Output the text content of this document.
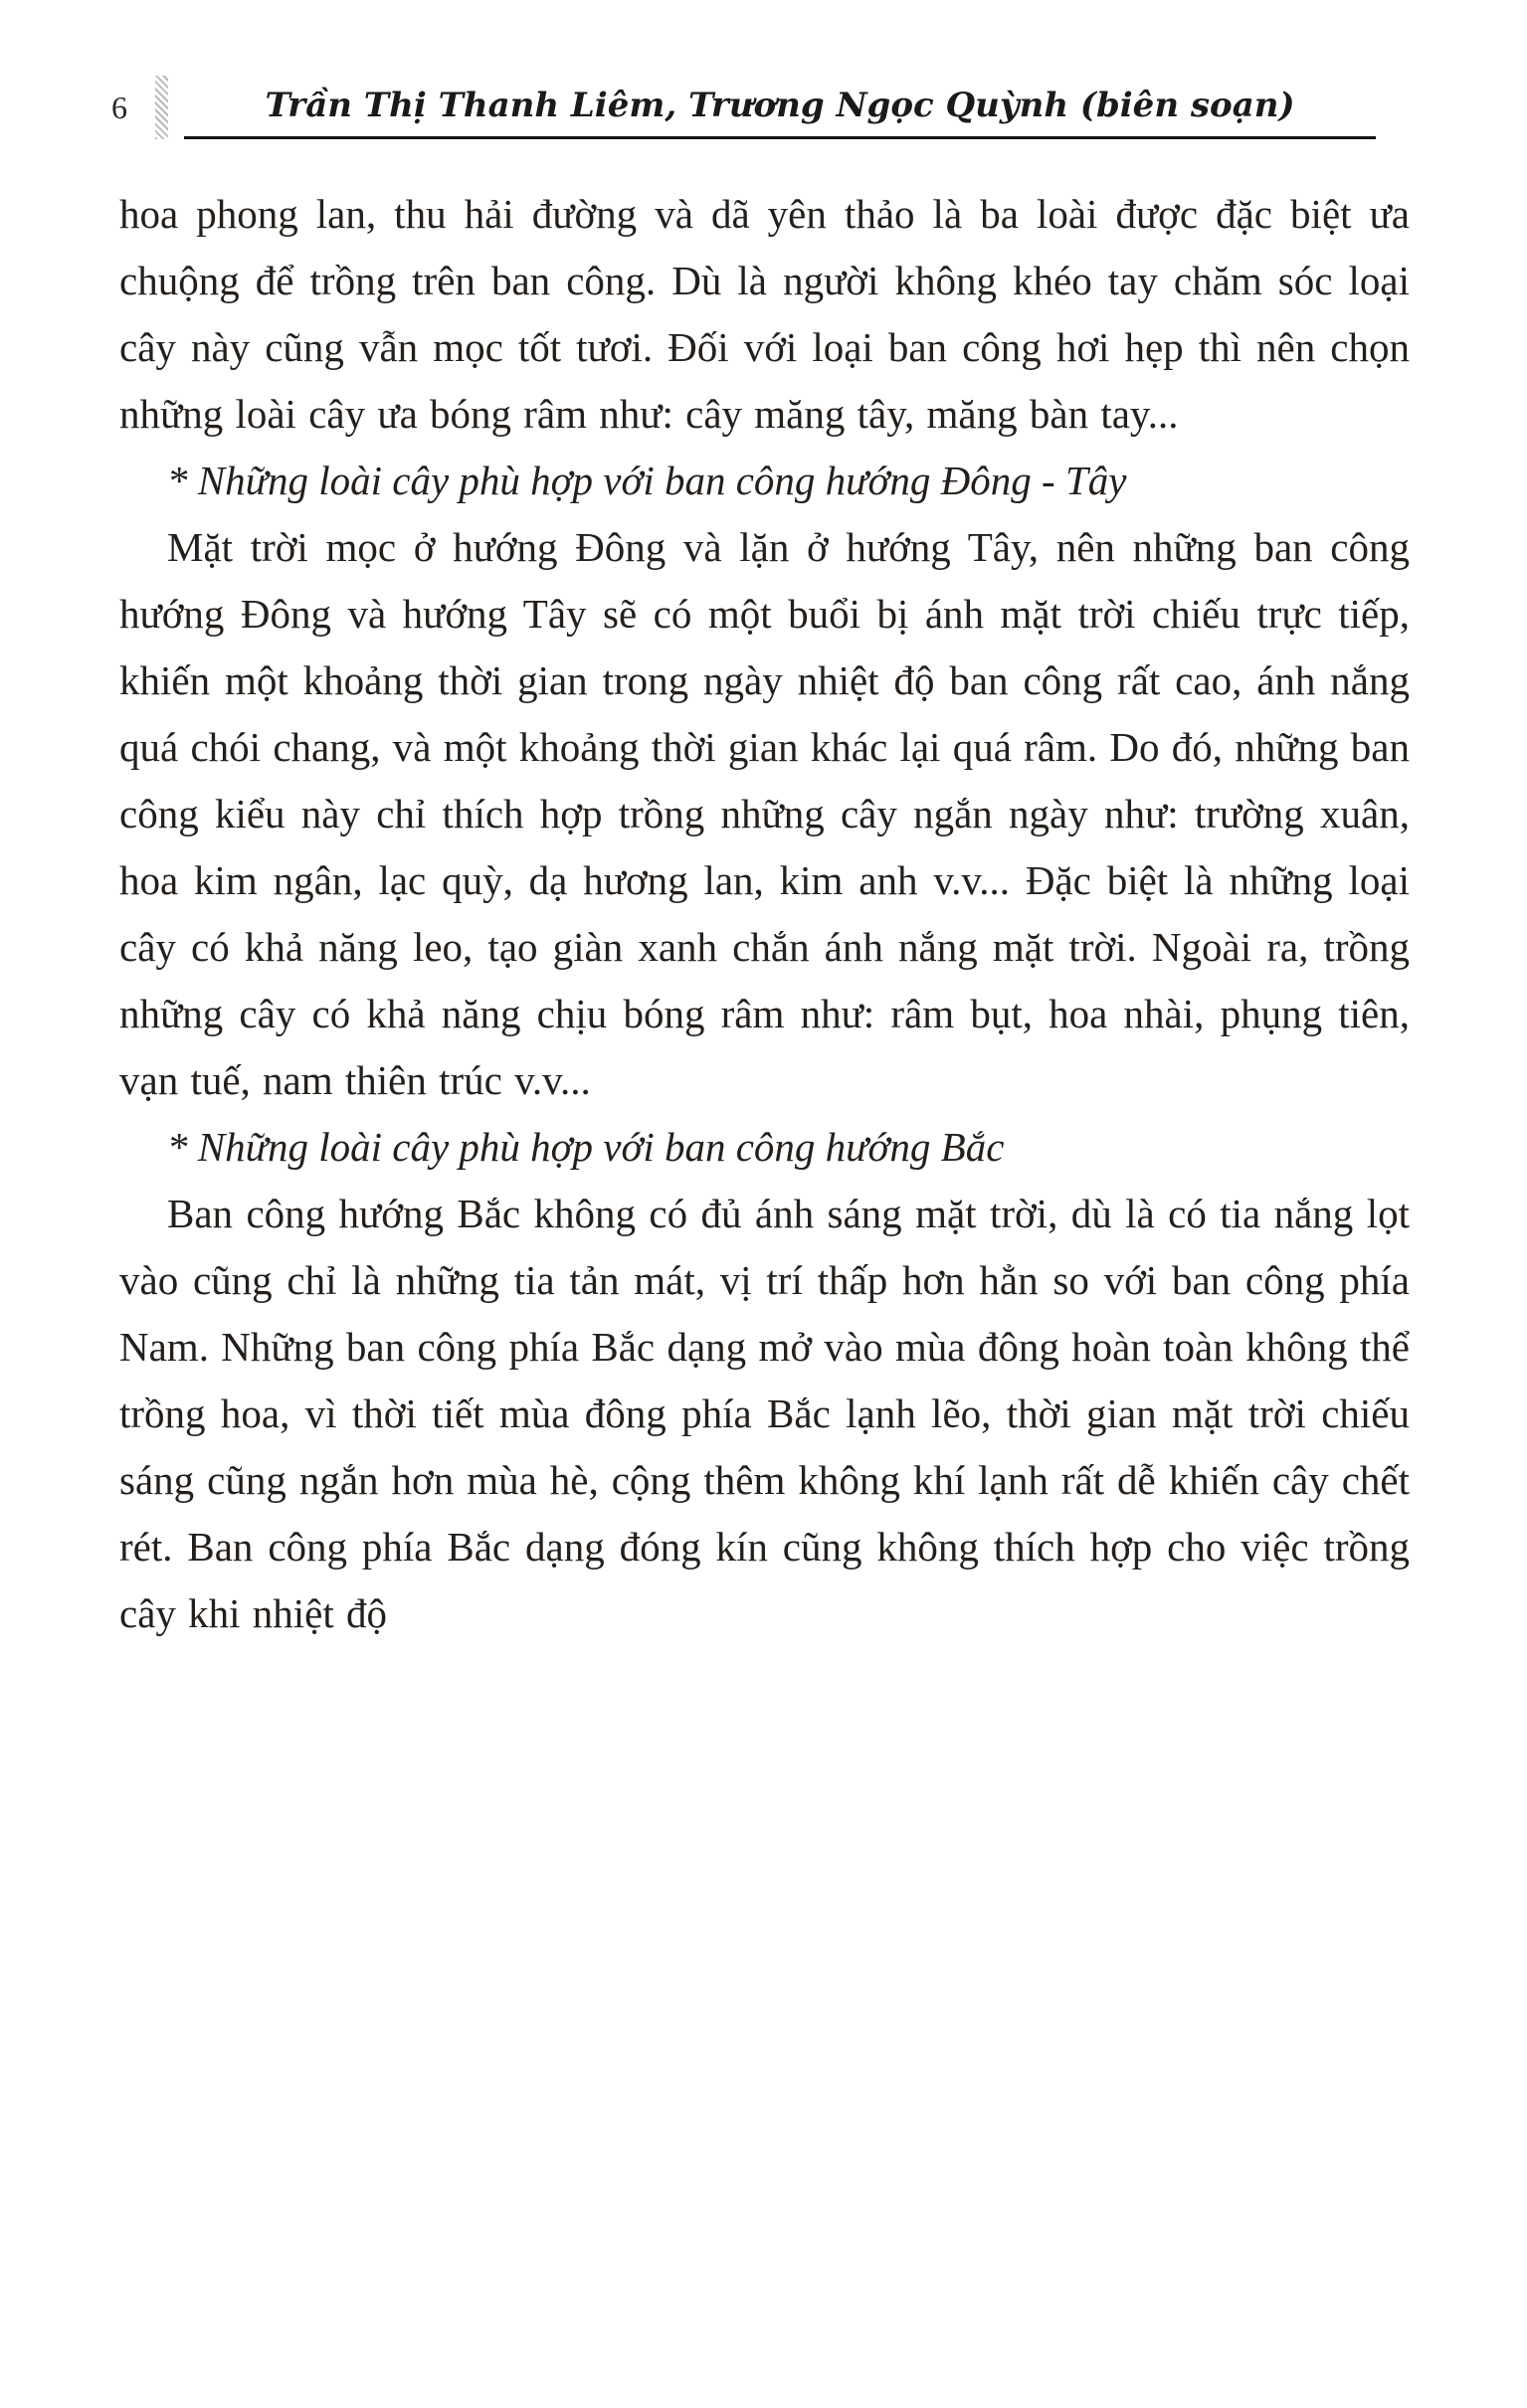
6	Trần Thị Thanh Liêm, Trương Ngọc Quỳnh (biên soạn)

hoa phong lan, thu hải đường và dã yên thảo là ba loài được đặc biệt ưa chuộng để trồng trên ban công. Dù là người không khéo tay chăm sóc loại cây này cũng vẫn mọc tốt tươi. Đối với loại ban công hơi hẹp thì nên chọn những loài cây ưa bóng râm như: cây măng tây, măng bàn tay...

* Những loài cây phù hợp với ban công hướng Đông - Tây

Mặt trời mọc ở hướng Đông và lặn ở hướng Tây, nên những ban công hướng Đông và hướng Tây sẽ có một buổi bị ánh mặt trời chiếu trực tiếp, khiến một khoảng thời gian trong ngày nhiệt độ ban công rất cao, ánh nắng quá chói chang, và một khoảng thời gian khác lại quá râm. Do đó, những ban công kiểu này chỉ thích hợp trồng những cây ngắn ngày như: trường xuân, hoa kim ngân, lạc quỳ, dạ hương lan, kim anh v.v... Đặc biệt là những loại cây có khả năng leo, tạo giàn xanh chắn ánh nắng mặt trời. Ngoài ra, trồng những cây có khả năng chịu bóng râm như: râm bụt, hoa nhài, phụng tiên, vạn tuế, nam thiên trúc v.v...

* Những loài cây phù hợp với ban công hướng Bắc

Ban công hướng Bắc không có đủ ánh sáng mặt trời, dù là có tia nắng lọt vào cũng chỉ là những tia tản mát, vị trí thấp hơn hẳn so với ban công phía Nam. Những ban công phía Bắc dạng mở vào mùa đông hoàn toàn không thể trồng hoa, vì thời tiết mùa đông phía Bắc lạnh lẽo, thời gian mặt trời chiếu sáng cũng ngắn hơn mùa hè, cộng thêm không khí lạnh rất dễ khiến cây chết rét. Ban công phía Bắc dạng đóng kín cũng không thích hợp cho việc trồng cây khi nhiệt độ
